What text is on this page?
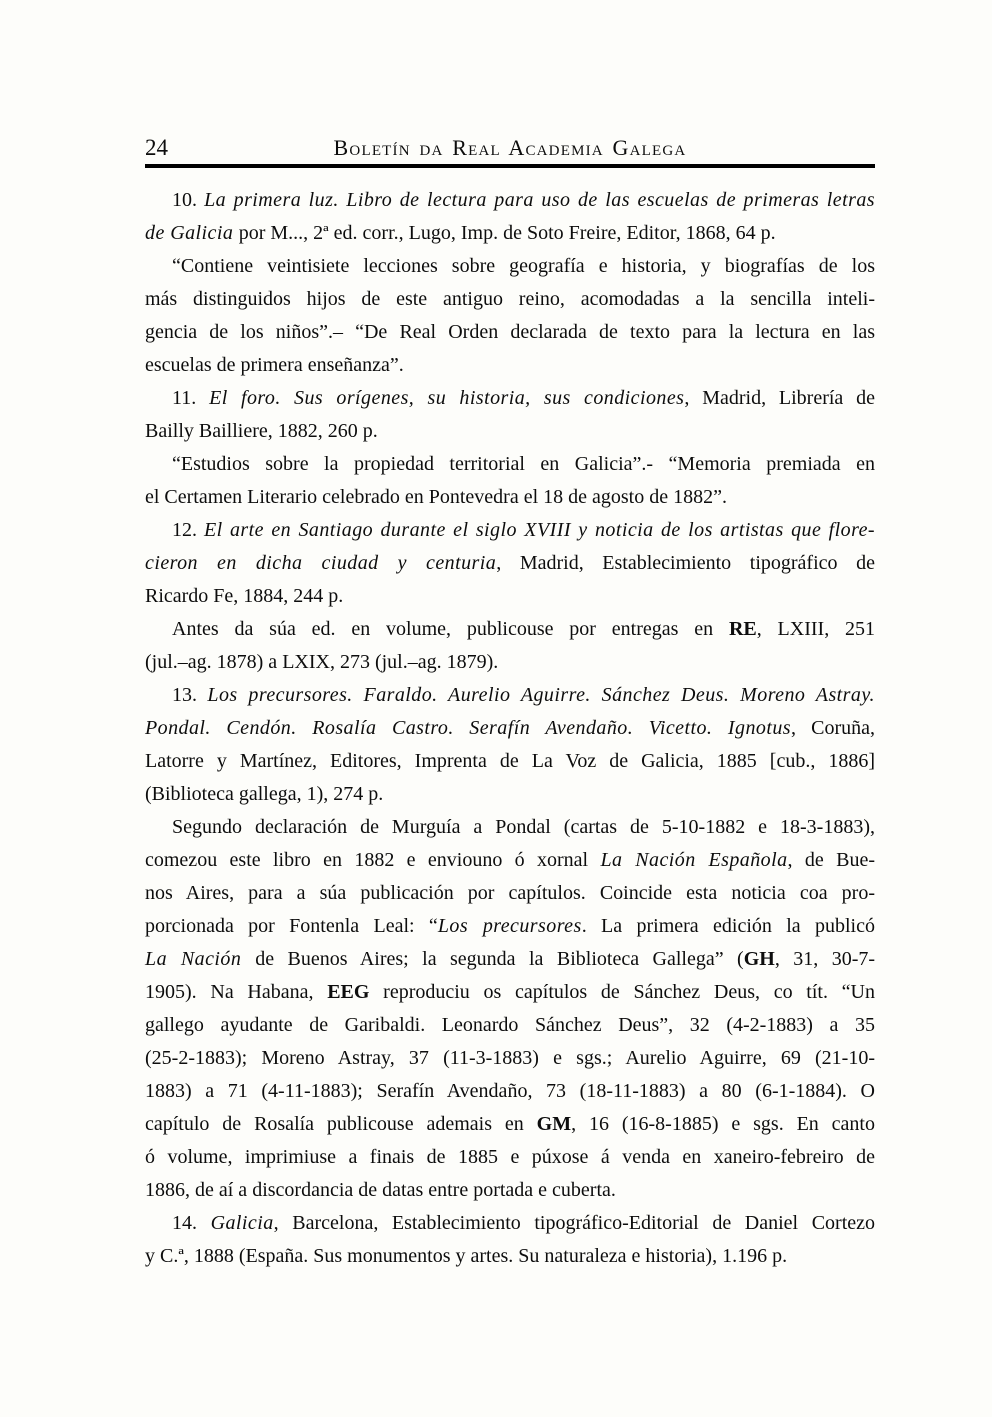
24	Boletín da Real Academia Galega

10. La primera luz. Libro de lectura para uso de las escuelas de primeras letras
de Galicia por M..., 2ª ed. corr., Lugo, Imp. de Soto Freire, Editor, 1868, 64 p.

“Contiene veintisiete lecciones sobre geografía e historia, y biografías de los
más distinguidos hijos de este antiguo reino, acomodadas a la sencilla inteli-
gencia de los niños”.– “De Real Orden declarada de texto para la lectura en las
escuelas de primera enseñanza”.

11. El foro. Sus orígenes, su historia, sus condiciones, Madrid, Librería de
Bailly Bailliere, 1882, 260 p.

“Estudios sobre la propiedad territorial en Galicia”.- “Memoria premiada en
el Certamen Literario celebrado en Pontevedra el 18 de agosto de 1882”.

12. El arte en Santiago durante el siglo XVIII y noticia de los artistas que flore-
cieron en dicha ciudad y centuria, Madrid, Establecimiento tipográfico de
Ricardo Fe, 1884, 244 p.

Antes da súa ed. en volume, publicouse por entregas en RE, LXIII, 251
(jul.–ag. 1878) a LXIX, 273 (jul.–ag. 1879).

13. Los precursores. Faraldo. Aurelio Aguirre. Sánchez Deus. Moreno Astray.
Pondal. Cendón. Rosalía Castro. Serafín Avendaño. Vicetto. Ignotus, Coruña,
Latorre y Martínez, Editores, Imprenta de La Voz de Galicia, 1885 [cub., 1886]
(Biblioteca gallega, 1), 274 p.

Segundo declaración de Murguía a Pondal (cartas de 5-10-1882 e 18-3-1883),
comezou este libro en 1882 e enviouno ó xornal La Nación Española, de Bue-
nos Aires, para a súa publicación por capítulos. Coincide esta noticia coa pro-
porcionada por Fontenla Leal: “Los precursores. La primera edición la publicó
La Nación de Buenos Aires; la segunda la Biblioteca Gallega” (GH, 31, 30-7-
1905). Na Habana, EEG reproduciu os capítulos de Sánchez Deus, co tít. “Un
gallego ayudante de Garibaldi. Leonardo Sánchez Deus”, 32 (4-2-1883) a 35
(25-2-1883); Moreno Astray, 37 (11-3-1883) e sgs.; Aurelio Aguirre, 69 (21-10-
1883) a 71 (4-11-1883); Serafín Avendaño, 73 (18-11-1883) a 80 (6-1-1884). O
capítulo de Rosalía publicouse ademais en GM, 16 (16-8-1885) e sgs. En canto
ó volume, imprimiuse a finais de 1885 e púxose á venda en xaneiro-febreiro de
1886, de aí a discordancia de datas entre portada e cuberta.

14. Galicia, Barcelona, Establecimiento tipográfico-Editorial de Daniel Cortezo
y C.ª, 1888 (España. Sus monumentos y artes. Su naturaleza e historia), 1.196 p.
